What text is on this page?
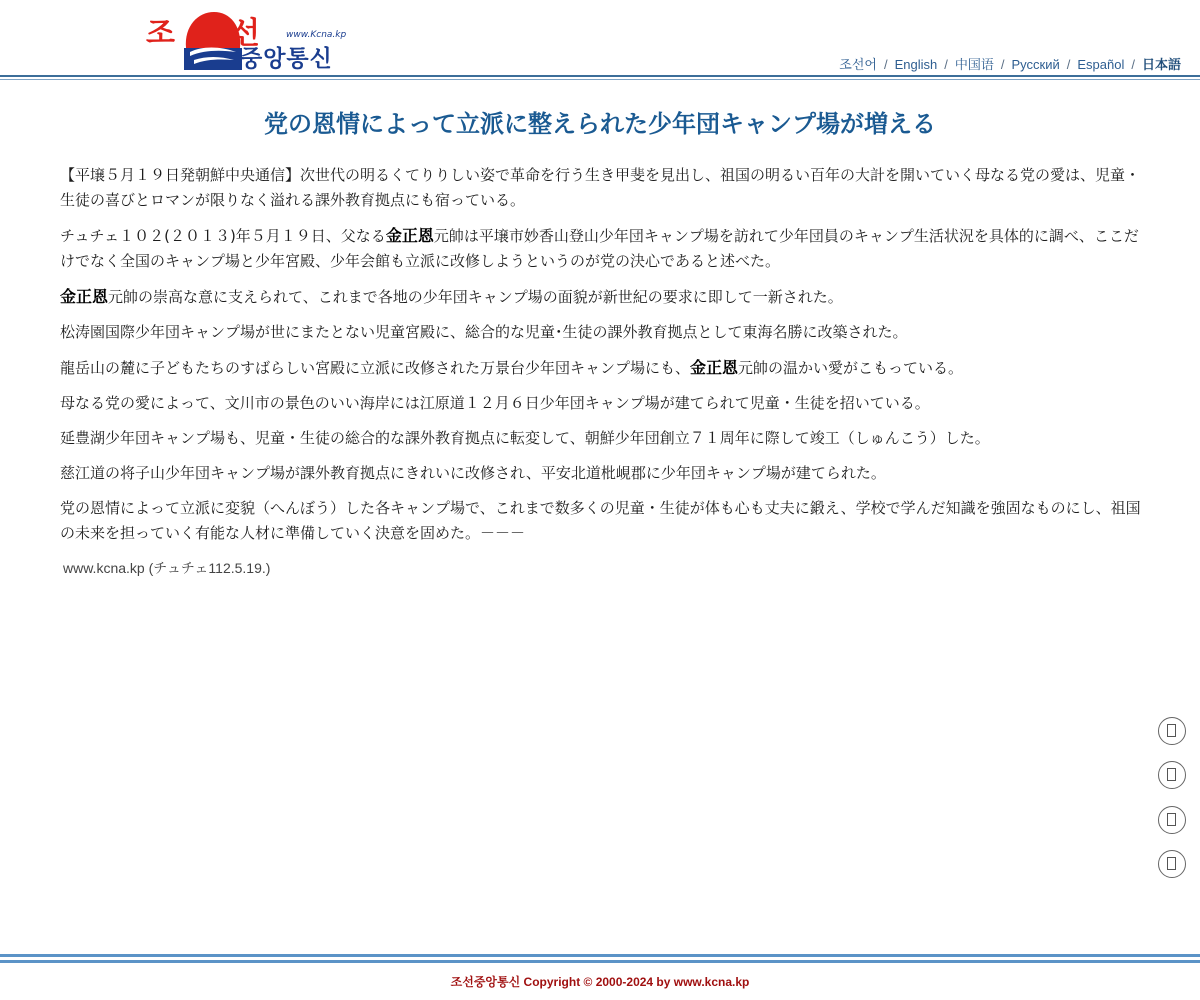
조 선	www.Kcna.kp
중앙통신	조선어 / English / 中国语 / Русский / Español / 日本語
党の恩情によって立派に整えられた少年団キャンプ場が増える

【平壌５月１９日発朝鮮中央通信】次世代の明るくてりりしい姿で革命を行う生き甲斐を見出し、祖国の明るい百年の大計を開いていく母なる党の愛は、児童・生徒の喜びとロマンが限りなく溢れる課外教育拠点にも宿っている。

チュチェ１０２(２０１３)年５月１９日、父なる金正恩元帥は平壌市妙香山登山少年団キャンプ場を訪れて少年団員のキャンプ生活状況を具体的に調べ、ここだけでなく全国のキャンプ場と少年宮殿、少年会館も立派に改修しようというのが党の決心であると述べた。

金正恩元帥の崇高な意に支えられて、これまで各地の少年団キャンプ場の面貌が新世紀の要求に即して一新された。

松涛園国際少年団キャンプ場が世にまたとない児童宮殿に、総合的な児童･生徒の課外教育拠点として東海名勝に改築された。

龍岳山の麓に子どもたちのすばらしい宮殿に立派に改修された万景台少年団キャンプ場にも、金正恩元帥の温かい愛がこもっている。

母なる党の愛によって、文川市の景色のいい海岸には江原道１２月６日少年団キャンプ場が建てられて児童・生徒を招いている。

延豊湖少年団キャンプ場も、児童・生徒の総合的な課外教育拠点に転変して、朝鮮少年団創立７１周年に際して竣工（しゅんこう）した。

慈江道の将子山少年団キャンプ場が課外教育拠点にきれいに改修され、平安北道枇峴郡に少年団キャンプ場が建てられた。

党の恩情によって立派に変貌（へんぼう）した各キャンプ場で、これまで数多くの児童・生徒が体も心も丈夫に鍛え、学校で学んだ知識を強固なものにし、祖国の未来を担っていく有能な人材に準備していく決意を固めた。－－－

www.kcna.kp (チュチェ112.5.19.)
조선중앙통신 Copyright © 2000-2024 by www.kcna.kp
